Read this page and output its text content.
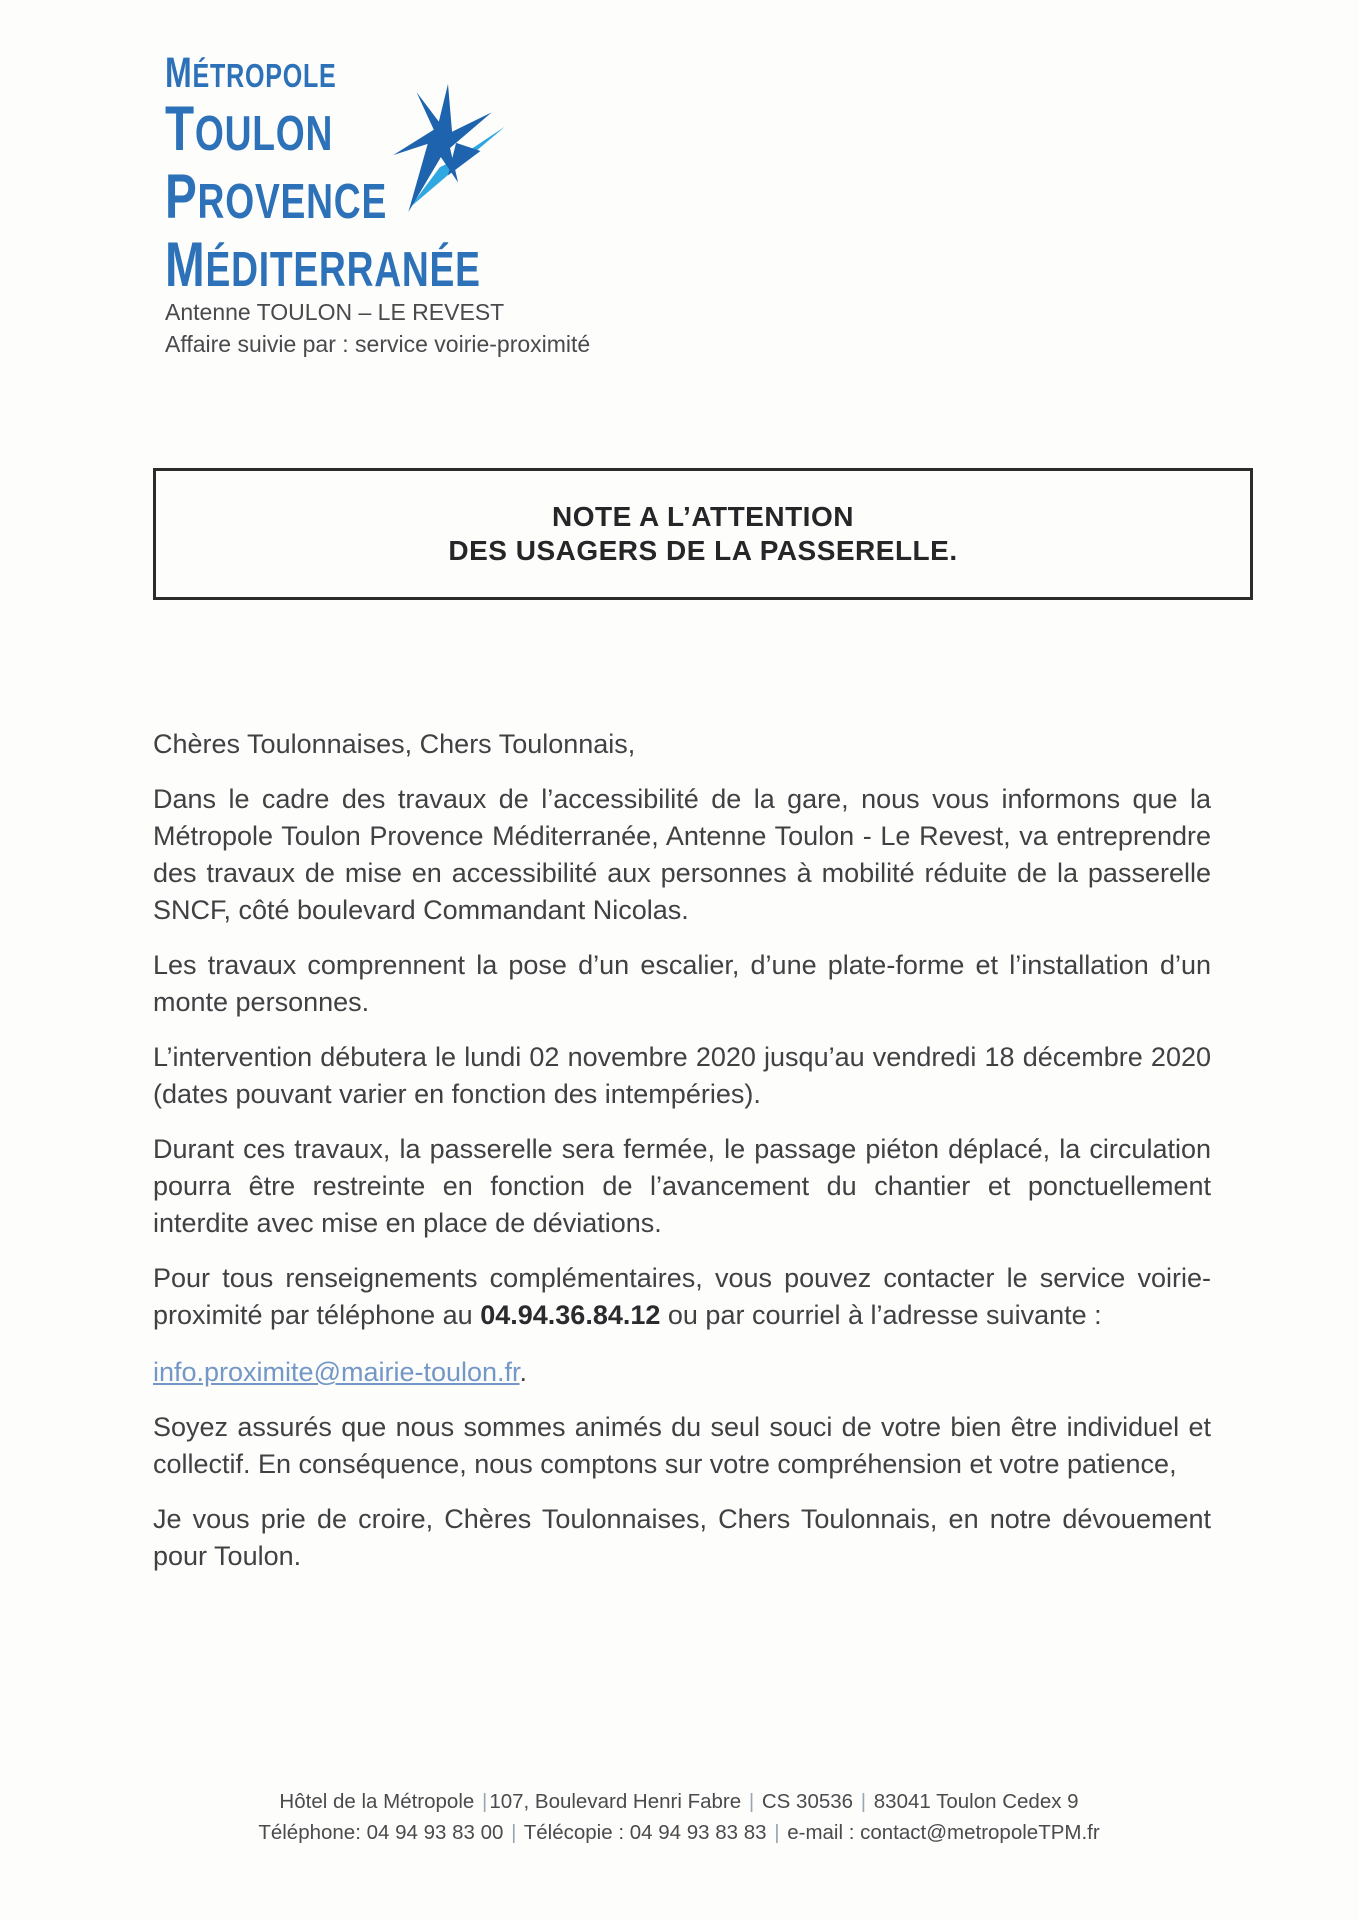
MÉTROPOLE
TOULON
PROVENCE
MÉDITERRANÉE
Antenne TOULON – LE REVEST
Affaire suivie par : service voirie-proximité
NOTE A L’ATTENTION
DES USAGERS DE LA PASSERELLE.

Chères Toulonnaises, Chers Toulonnais,

Dans le cadre des travaux de l’accessibilité de la gare, nous vous informons que la Métropole Toulon Provence Méditerranée, Antenne Toulon - Le Revest, va entreprendre des travaux de mise en accessibilité aux personnes à mobilité réduite de la passerelle SNCF, côté boulevard Commandant Nicolas.

Les travaux comprennent la pose d’un escalier, d’une plate-forme et l’installation d’un monte personnes.

L’intervention débutera le lundi 02 novembre 2020 jusqu’au vendredi 18 décembre 2020 (dates pouvant varier en fonction des intempéries).

Durant ces travaux, la passerelle sera fermée, le passage piéton déplacé, la circulation pourra être restreinte en fonction de l’avancement du chantier et ponctuellement interdite avec mise en place de déviations.

Pour tous renseignements complémentaires, vous pouvez contacter le service voirie-proximité par téléphone au 04.94.36.84.12 ou par courriel à l’adresse suivante :

info.proximite@mairie-toulon.fr.

Soyez assurés que nous sommes animés du seul souci de votre bien être individuel et collectif. En conséquence, nous comptons sur votre compréhension et votre patience,

Je vous prie de croire, Chères Toulonnaises, Chers Toulonnais, en notre dévouement pour Toulon.

Hôtel de la Métropole |107, Boulevard Henri Fabre | CS 30536 | 83041 Toulon Cedex 9
Téléphone: 04 94 93 83 00 | Télécopie : 04 94 93 83 83 | e-mail : contact@metropoleTPM.fr
